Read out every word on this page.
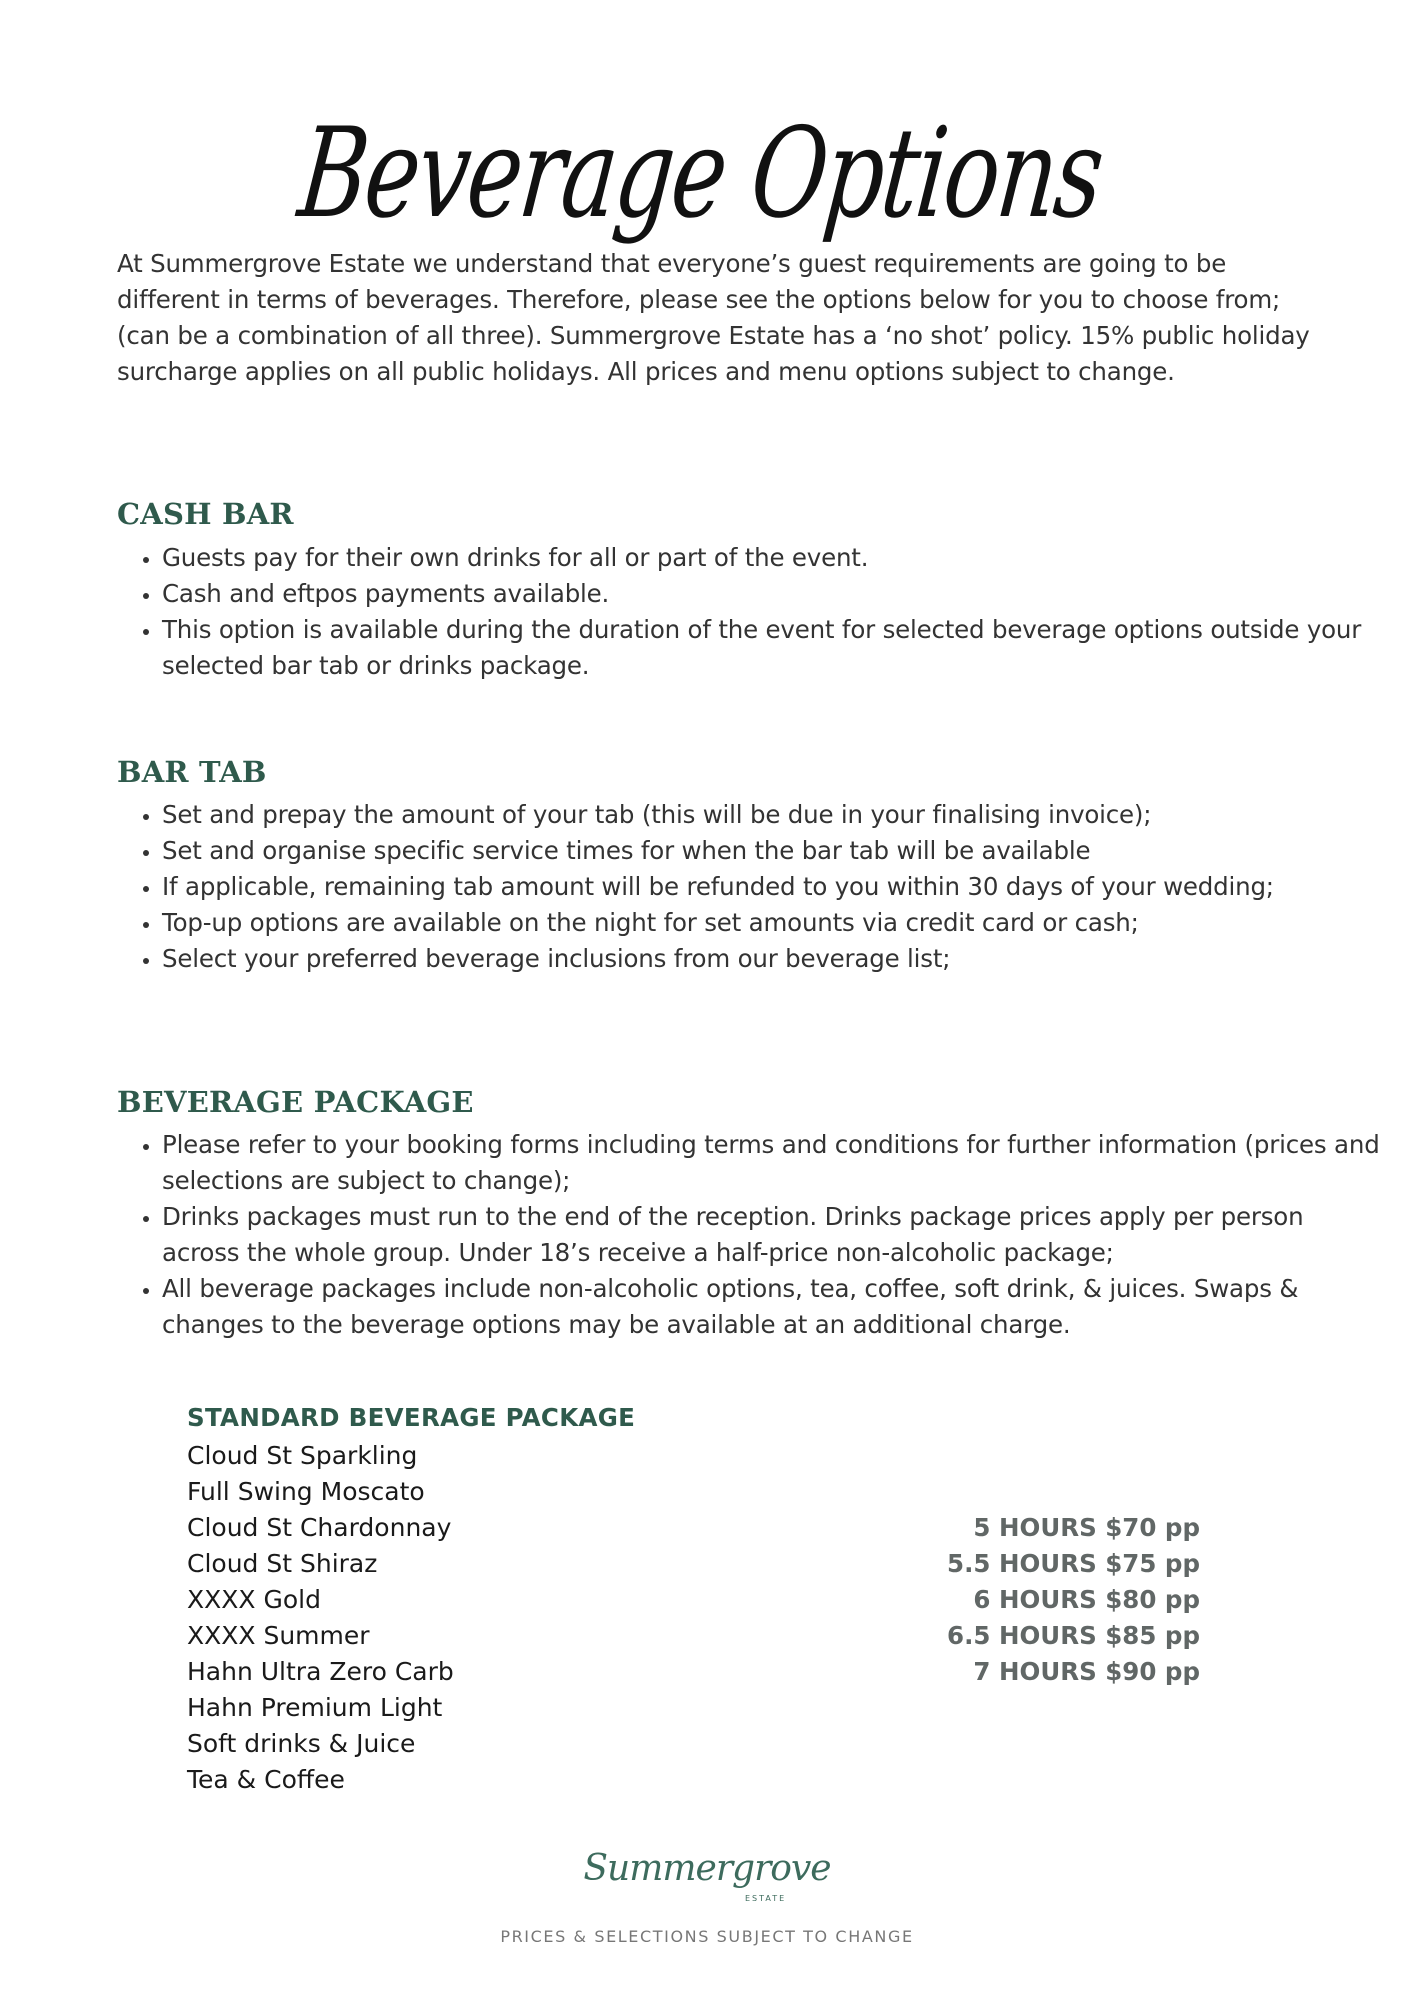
Beverage Options

At Summergrove Estate we understand that everyone’s guest requirements are going to be different in terms of beverages. Therefore, please see the options below for you to choose from; (can be a combination of all three). Summergrove Estate has a ‘no shot’ policy. 15% public holiday surcharge applies on all public holidays. All prices and menu options subject to change.

CASH BAR
• Guests pay for their own drinks for all or part of the event.
• Cash and eftpos payments available.
• This option is available during the duration of the event for selected beverage options outside your selected bar tab or drinks package.
BAR TAB
• Set and prepay the amount of your tab (this will be due in your finalising invoice);
• Set and organise specific service times for when the bar tab will be available
• If applicable, remaining tab amount will be refunded to you within 30 days of your wedding;
• Top-up options are available on the night for set amounts via credit card or cash;
• Select your preferred beverage inclusions from our beverage list;
BEVERAGE PACKAGE
• Please refer to your booking forms including terms and conditions for further information (prices and selections are subject to change);
• Drinks packages must run to the end of the reception. Drinks package prices apply per person across the whole group. Under 18’s receive a half-price non-alcoholic package;
• All beverage packages include non-alcoholic options, tea, coffee, soft drink, & juices. Swaps & changes to the beverage options may be available at an additional charge.
STANDARD BEVERAGE PACKAGE
Cloud St Sparkling
Full Swing Moscato
Cloud St Chardonnay
Cloud St Shiraz
XXXX Gold
XXXX Summer
Hahn Ultra Zero Carb
Hahn Premium Light
Soft drinks & Juice
Tea & Coffee
5 HOURS $70 pp
5.5 HOURS $75 pp
6 HOURS $80 pp
6.5 HOURS $85 pp
7 HOURS $90 pp
Summergrove
ESTATE
PRICES & SELECTIONS SUBJECT TO CHANGE
